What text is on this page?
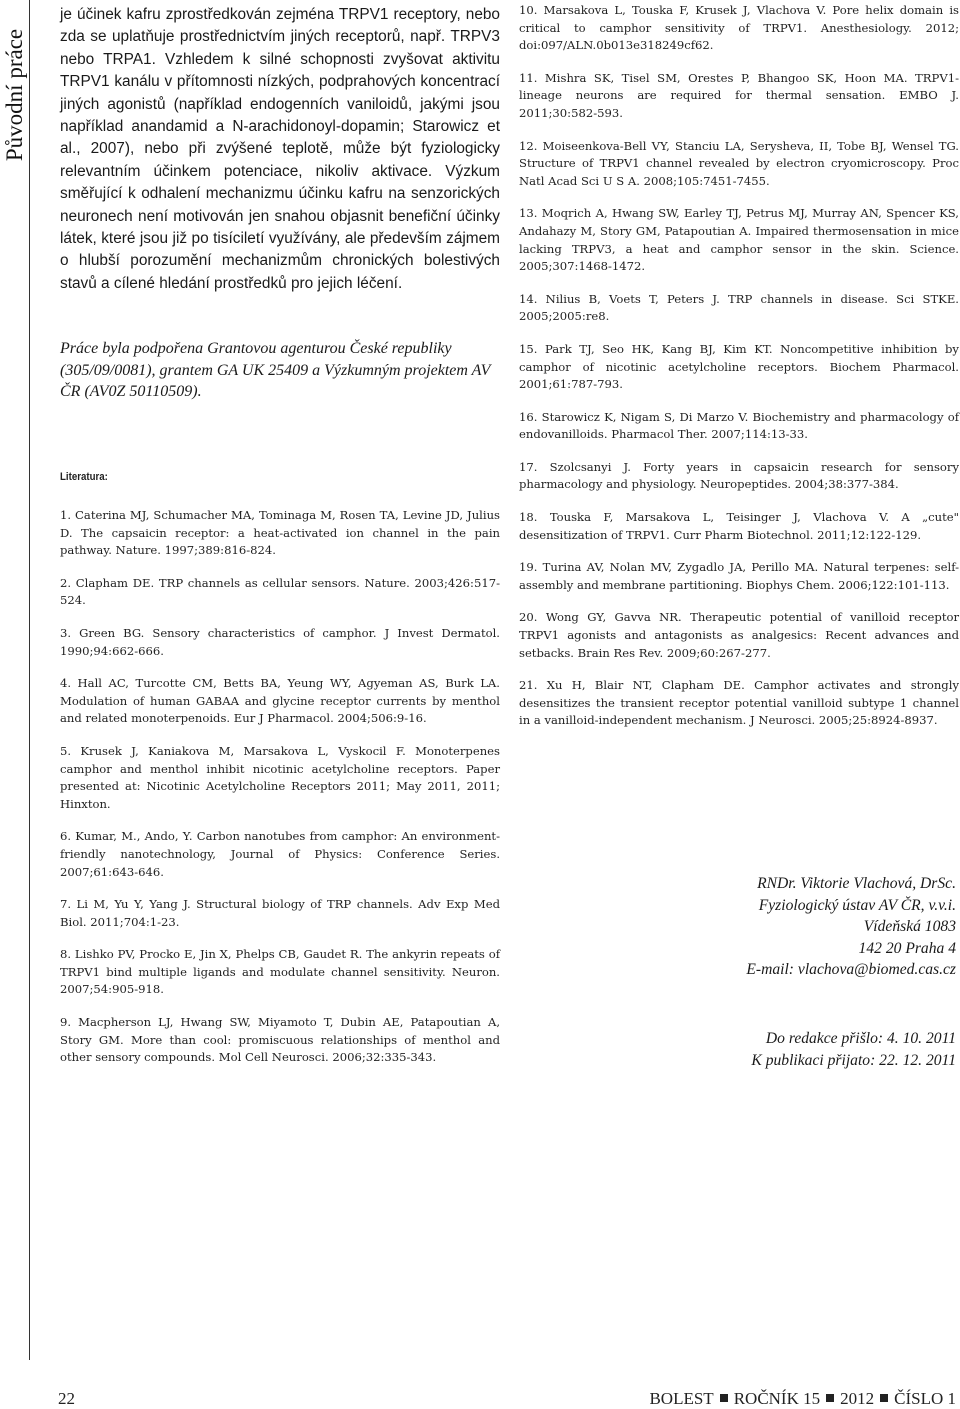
Původní práce

je účinek kafru zprostředkován zejména TRPV1 receptory, nebo zda se uplatňuje prostřednictvím jiných receptorů, např. TRPV3 nebo TRPA1. Vzhledem k silné schopnosti zvyšovat aktivitu TRPV1 kanálu v přítomnosti nízkých, podprahových koncentrací jiných agonistů (například endogenních vaniloidů, jakými jsou například anandamid a N-arachidonoyl-dopamin; Starowicz et al., 2007), nebo při zvýšené teplotě, může být fyziologicky relevantním účinkem potenciace, nikoliv aktivace. Výzkum směřující k odhalení mechanizmu účinku kafru na senzorických neuronech není motivován jen snahou objasnit benefiční účinky látek, které jsou již po tisíciletí využívány, ale především zájmem o hlubší porozumění mechanizmům chronických bolestivých stavů a cílené hledání prostředků pro jejich léčení.

Práce byla podpořena Grantovou agenturou České republiky (305/09/0081), grantem GA UK 25409 a Výzkumným projektem AV ČR (AV0Z 50110509).

Literatura:

1. Caterina MJ, Schumacher MA, Tominaga M, Rosen TA, Levine JD, Julius D. The capsaicin receptor: a heat-activated ion channel in the pain pathway. Nature. 1997;389:816-824.

2. Clapham DE. TRP channels as cellular sensors. Nature. 2003;426:517-524.

3. Green BG. Sensory characteristics of camphor. J Invest Dermatol. 1990;94:662-666.

4. Hall AC, Turcotte CM, Betts BA, Yeung WY, Agyeman AS, Burk LA. Modulation of human GABAA and glycine receptor currents by menthol and related monoterpenoids. Eur J Pharmacol. 2004;506:9-16.

5. Krusek J, Kaniakova M, Marsakova L, Vyskocil F. Monoterpenes camphor and menthol inhibit nicotinic acetylcholine receptors. Paper presented at: Nicotinic Acetylcholine Receptors 2011; May 2011, 2011; Hinxton.

6. Kumar, M., Ando, Y. Carbon nanotubes from camphor: An environment-friendly nanotechnology, Journal of Physics: Conference Series. 2007;61:643-646.

7. Li M, Yu Y, Yang J. Structural biology of TRP channels. Adv Exp Med Biol. 2011;704:1-23.

8. Lishko PV, Procko E, Jin X, Phelps CB, Gaudet R. The ankyrin repeats of TRPV1 bind multiple ligands and modulate channel sensitivity. Neuron. 2007;54:905-918.

9. Macpherson LJ, Hwang SW, Miyamoto T, Dubin AE, Patapoutian A, Story GM. More than cool: promiscuous relationships of menthol and other sensory compounds. Mol Cell Neurosci. 2006;32:335-343.

10. Marsakova L, Touska F, Krusek J, Vlachova V. Pore helix domain is critical to camphor sensitivity of TRPV1. Anesthesiology. 2012; doi:097/ALN.0b013e318249cf62.

11. Mishra SK, Tisel SM, Orestes P, Bhangoo SK, Hoon MA. TRPV1-lineage neurons are required for thermal sensation. EMBO J. 2011;30:582-593.

12. Moiseenkova-Bell VY, Stanciu LA, Serysheva, II, Tobe BJ, Wensel TG. Structure of TRPV1 channel revealed by electron cryomicroscopy. Proc Natl Acad Sci U S A. 2008;105:7451-7455.

13. Moqrich A, Hwang SW, Earley TJ, Petrus MJ, Murray AN, Spencer KS, Andahazy M, Story GM, Patapoutian A. Impaired thermosensation in mice lacking TRPV3, a heat and camphor sensor in the skin. Science. 2005;307:1468-1472.

14. Nilius B, Voets T, Peters J. TRP channels in disease. Sci STKE. 2005;2005:re8.

15. Park TJ, Seo HK, Kang BJ, Kim KT. Noncompetitive inhibition by camphor of nicotinic acetylcholine receptors. Biochem Pharmacol. 2001;61:787-793.

16. Starowicz K, Nigam S, Di Marzo V. Biochemistry and pharmacology of endovanilloids. Pharmacol Ther. 2007;114:13-33.

17. Szolcsanyi J. Forty years in capsaicin research for sensory pharmacology and physiology. Neuropeptides. 2004;38:377-384.

18. Touska F, Marsakova L, Teisinger J, Vlachova V. A „cute" desensitization of TRPV1. Curr Pharm Biotechnol. 2011;12:122-129.

19. Turina AV, Nolan MV, Zygadlo JA, Perillo MA. Natural terpenes: self-assembly and membrane partitioning. Biophys Chem. 2006;122:101-113.

20. Wong GY, Gavva NR. Therapeutic potential of vanilloid receptor TRPV1 agonists and antagonists as analgesics: Recent advances and setbacks. Brain Res Rev. 2009;60:267-277.

21. Xu H, Blair NT, Clapham DE. Camphor activates and strongly desensitizes the transient receptor potential vanilloid subtype 1 channel in a vanilloid-independent mechanism. J Neurosci. 2005;25:8924-8937.

RNDr. Viktorie Vlachová, DrSc.
Fyziologický ústav AV ČR, v.v.i.
Vídeňská 1083
142 20 Praha 4
E-mail: vlachova@biomed.cas.cz
Do redakce přišlo: 4. 10. 2011
K publikaci přijato: 22. 12. 2011
22	BOLEST ROČNÍK 15 2012 ČÍSLO 1
